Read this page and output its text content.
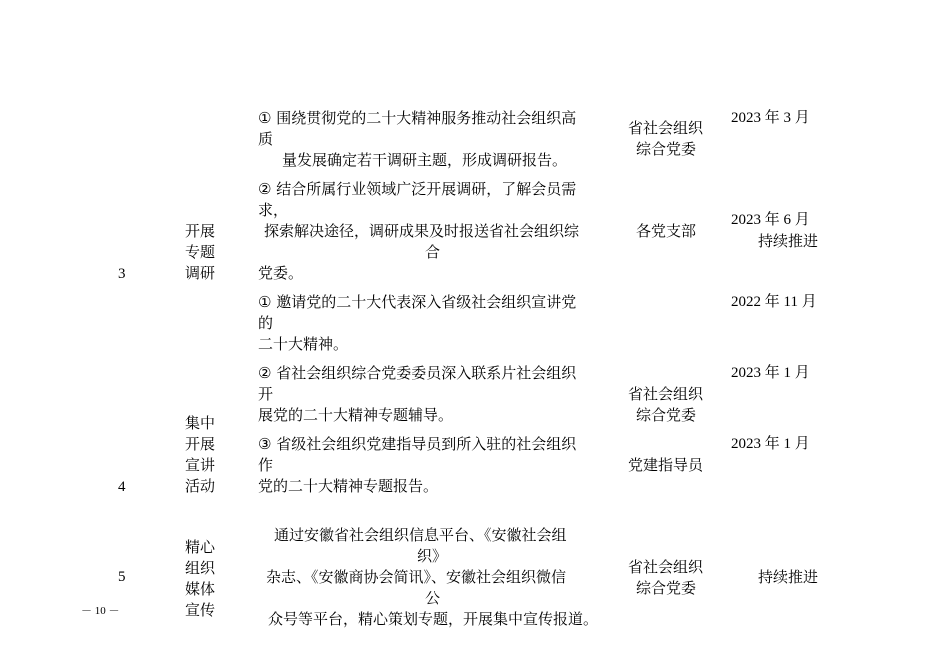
3
开展
专题
调研
① 围绕贯彻党的二十大精神服务推动社会组织高
质
量发展确定若干调研主题，形成调研报告。
② 结合所属行业领域广泛开展调研，了解会员需
求，
探索解决途径，调研成果及时报送省社会组织综
合
党委。
省社会组织
综合党委
各党支部
2023 年 3 月
2023 年 6 月
持续推进
4
集中
开展
宣讲
活动
① 邀请党的二十大代表深入省级社会组织宣讲党
的
二十大精神。
② 省社会组织综合党委委员深入联系片社会组织
开
展党的二十大精神专题辅导。
③ 省级社会组织党建指导员到所入驻的社会组织
作
党的二十大精神专题报告。
省社会组织
综合党委
党建指导员
2022 年 11 月
2023 年 1 月
2023 年 1 月
5
精心
组织
媒体
宣传
通过安徽省社会组织信息平台、《安徽社会组
织》
杂志、《安徽商协会简讯》、安徽社会组织微信
公
众号等平台，精心策划专题，开展集中宣传报道。
省社会组织
综合党委
持续推进
－ 10 －
